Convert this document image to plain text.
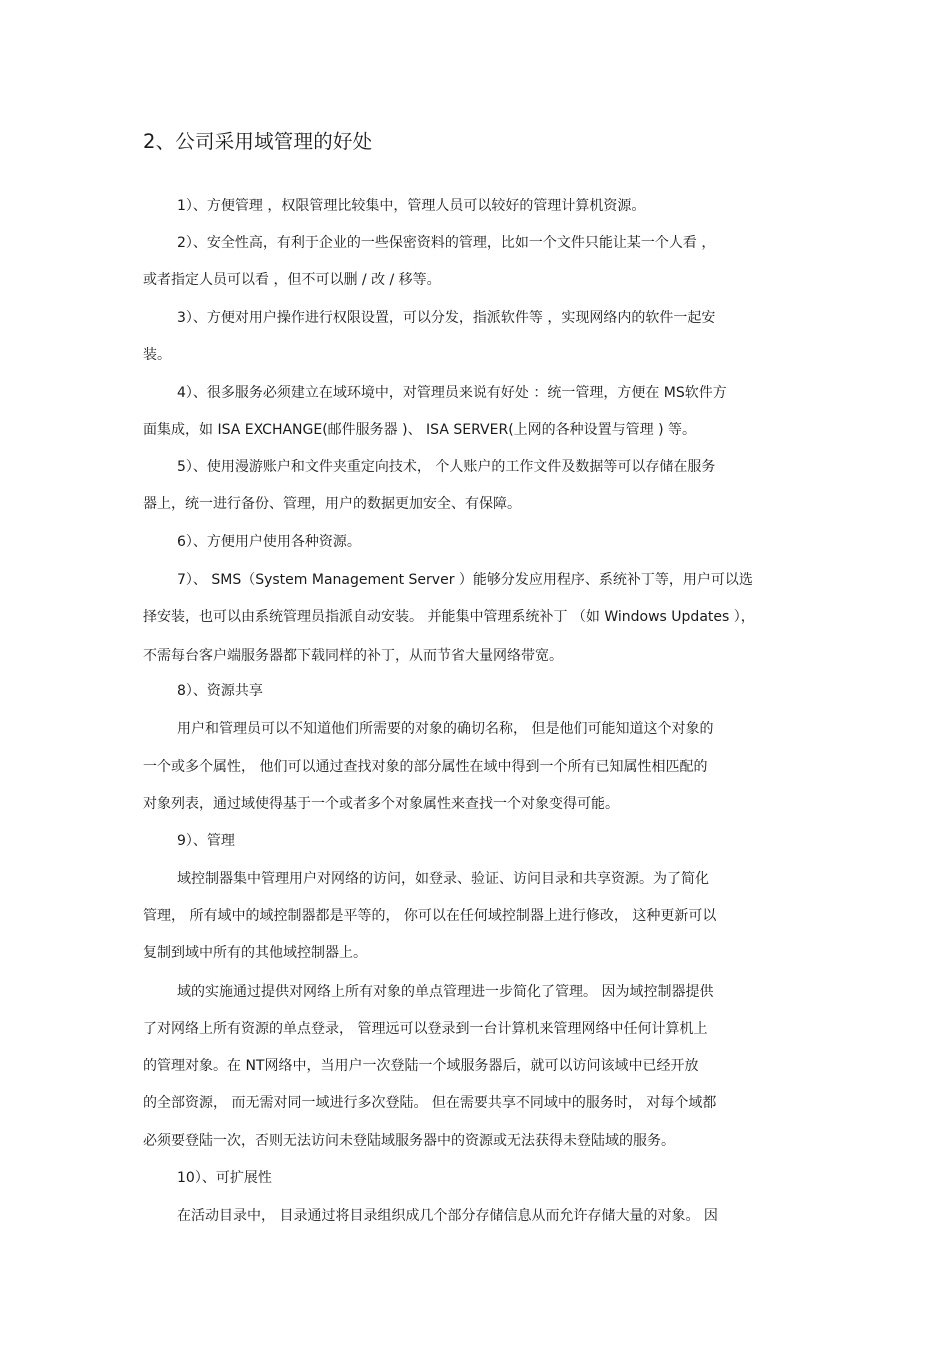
2、公司采用域管理的好处
1）、方便管理 ，权限管理比较集中，管理人员可以较好的管理计算机资源。
2）、安全性高，有利于企业的一些保密资料的管理，比如一个文件只能让某一个人看 ，
或者指定人员可以看 ，但不可以删 / 改 / 移等。
3）、方便对用户操作进行权限设置，可以分发，指派软件等 ，实现网络内的软件一起安
装。
4）、很多服务必须建立在域环境中，对管理员来说有好处 ：统一管理，方便在 MS软件方
面集成，如 ISA EXCHANGE(邮件服务器 )、 ISA SERVER(上网的各种设置与管理 ) 等。
5）、使用漫游账户和文件夹重定向技术， 个人账户的工作文件及数据等可以存储在服务
器上，统一进行备份、管理，用户的数据更加安全、有保障。
6）、方便用户使用各种资源。
7）、 SMS（System Management Server ）能够分发应用程序、系统补丁等，用户可以选
择安装，也可以由系统管理员指派自动安装。 并能集中管理系统补丁 （如 Windows Updates ），
不需每台客户端服务器都下载同样的补丁，从而节省大量网络带宽。
8）、资源共享
用户和管理员可以不知道他们所需要的对象的确切名称， 但是他们可能知道这个对象的
一个或多个属性， 他们可以通过查找对象的部分属性在域中得到一个所有已知属性相匹配的
对象列表，通过域使得基于一个或者多个对象属性来查找一个对象变得可能。
9）、管理
域控制器集中管理用户对网络的访问，如登录、验证、访问目录和共享资源。为了简化
管理， 所有域中的域控制器都是平等的， 你可以在任何域控制器上进行修改， 这种更新可以
复制到域中所有的其他域控制器上。
域的实施通过提供对网络上所有对象的单点管理进一步简化了管理。 因为域控制器提供
了对网络上所有资源的单点登录， 管理远可以登录到一台计算机来管理网络中任何计算机上
的管理对象。在 NT网络中，当用户一次登陆一个域服务器后，就可以访问该域中已经开放
的全部资源， 而无需对同一域进行多次登陆。 但在需要共享不同域中的服务时， 对每个域都
必须要登陆一次，否则无法访问未登陆域服务器中的资源或无法获得未登陆域的服务。
10）、可扩展性
在活动目录中， 目录通过将目录组织成几个部分存储信息从而允许存储大量的对象。 因
